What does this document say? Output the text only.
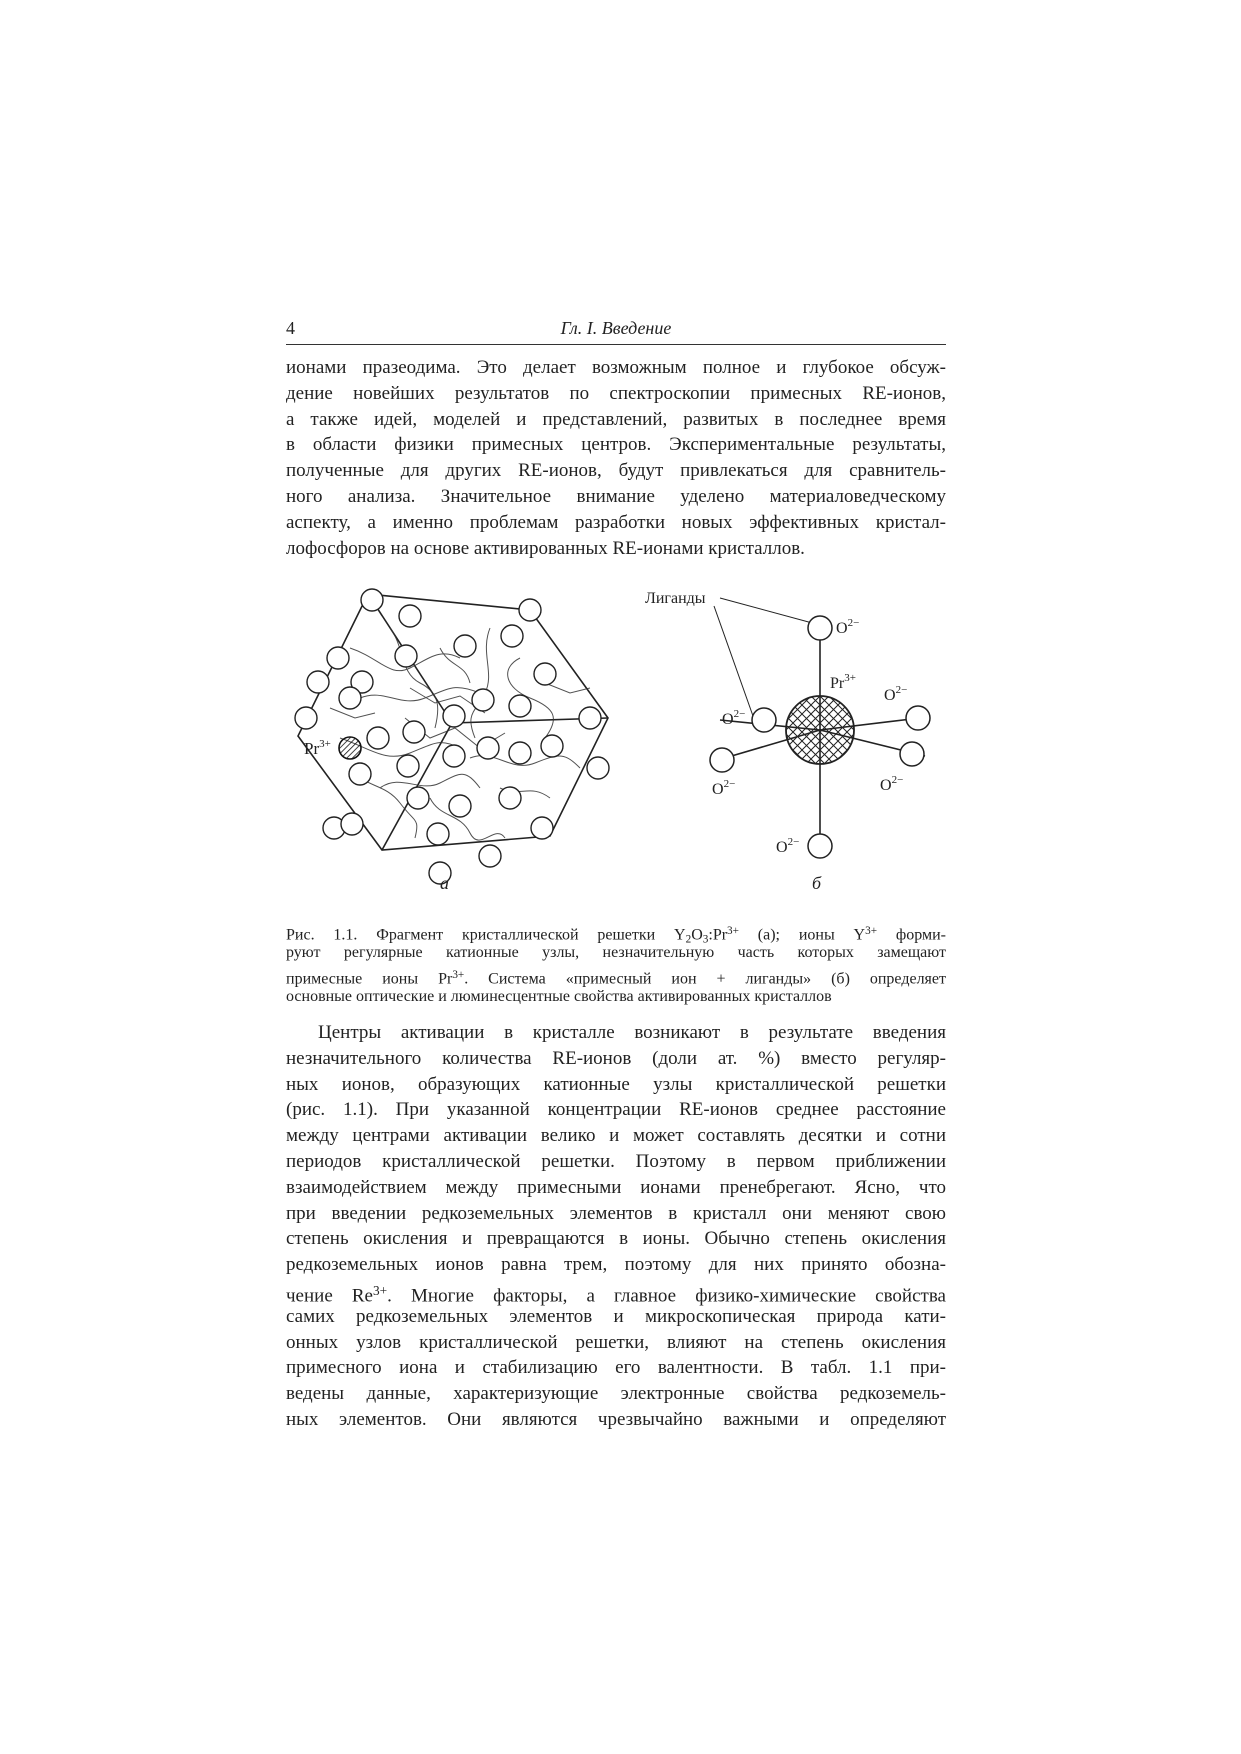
4	Гл. I. Введение
ионами празеодима. Это делает возможным полное и глубокое обсуж-
дение новейших результатов по спектроскопии примесных RE-ионов,
а также идей, моделей и представлений, развитых в последнее время
в области физики примесных центров. Экспериментальные результаты,
полученные для других RE-ионов, будут привлекаться для сравнитель-
ного анализа. Значительное внимание уделено материаловедческому
аспекту, а именно проблемам разработки новых эффективных кристал-
лофосфоров на основе активированных RE-ионами кристаллов.
$Pr^{3+}$
а
Лиганды
$O^{2-}$
$Pr^{3+}$
$O^{2-}$
$O^{2-}$
$O^{2-}$	$O^{2-}$
$O^{2-}$
б
Рис. 1.1. Фрагмент кристаллической решетки $Y_2O_3:Pr^{3+}$ (а); ионы $Y^{3+}$ форми-
руют регулярные катионные узлы, незначительную часть которых замещают
примесные ионы $Pr^{3+}$. Система «примесный ион + лиганды» (б) определяет
основные оптические и люминесцентные свойства активированных кристаллов
Центры активации в кристалле возникают в результате введения
незначительного количества RE-ионов (доли ат. %) вместо регуляр-
ных ионов, образующих катионные узлы кристаллической решетки
(рис. 1.1). При указанной концентрации RE-ионов среднее расстояние
между центрами активации велико и может составлять десятки и сотни
периодов кристаллической решетки. Поэтому в первом приближении
взаимодействием между примесными ионами пренебрегают. Ясно, что
при введении редкоземельных элементов в кристалл они меняют свою
степень окисления и превращаются в ионы. Обычно степень окисления
редкоземельных ионов равна трем, поэтому для них принято обозна-
чение $Re^{3+}$. Многие факторы, а главное физико-химические свойства
самих редкоземельных элементов и микроскопическая природа кати-
онных узлов кристаллической решетки, влияют на степень окисления
примесного иона и стабилизацию его валентности. В табл. 1.1 при-
ведены данные, характеризующие электронные свойства редкоземель-
ных элементов. Они являются чрезвычайно важными и определяют
